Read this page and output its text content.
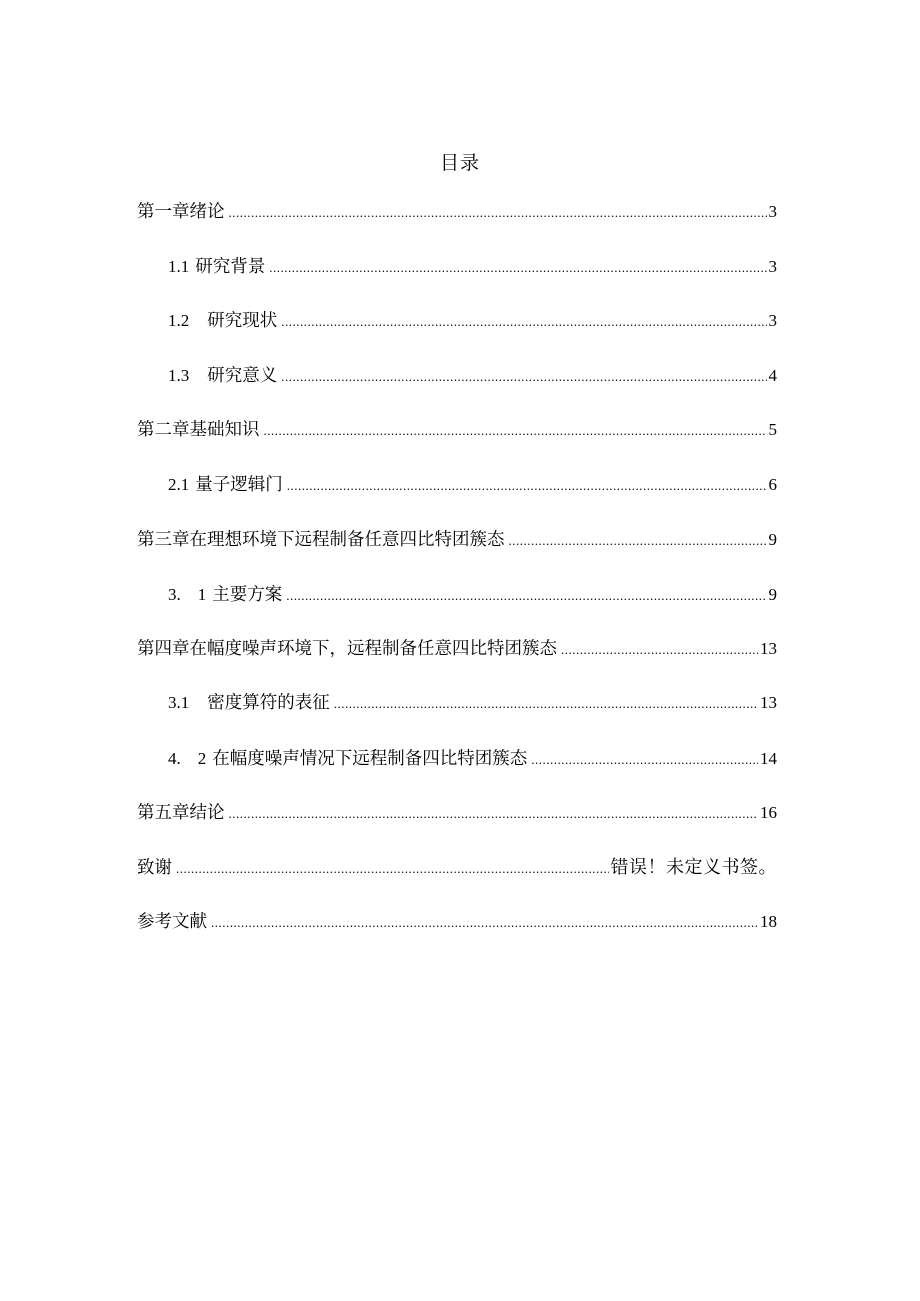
目录
第一章绪论 .....	3
1.1 研究背景 .....	3
1.2 研究现状 .....	3
1.3 研究意义 .....	4
第二章基础知识 .....	5
2.1 量子逻辑门 .....	6
第三章在理想环境下远程制备任意四比特团簇态 .....	9
3.　1 主要方案 .....	9
第四章在幅度噪声环境下，远程制备任意四比特团簇态 .....	13
3.1 密度算符的表征 .....	13
4.　2 在幅度噪声情况下远程制备四比特团簇态 .....	14
第五章结论 .....	16
致谢 .....	错误！未定义书签。
参考文献 .....	18
